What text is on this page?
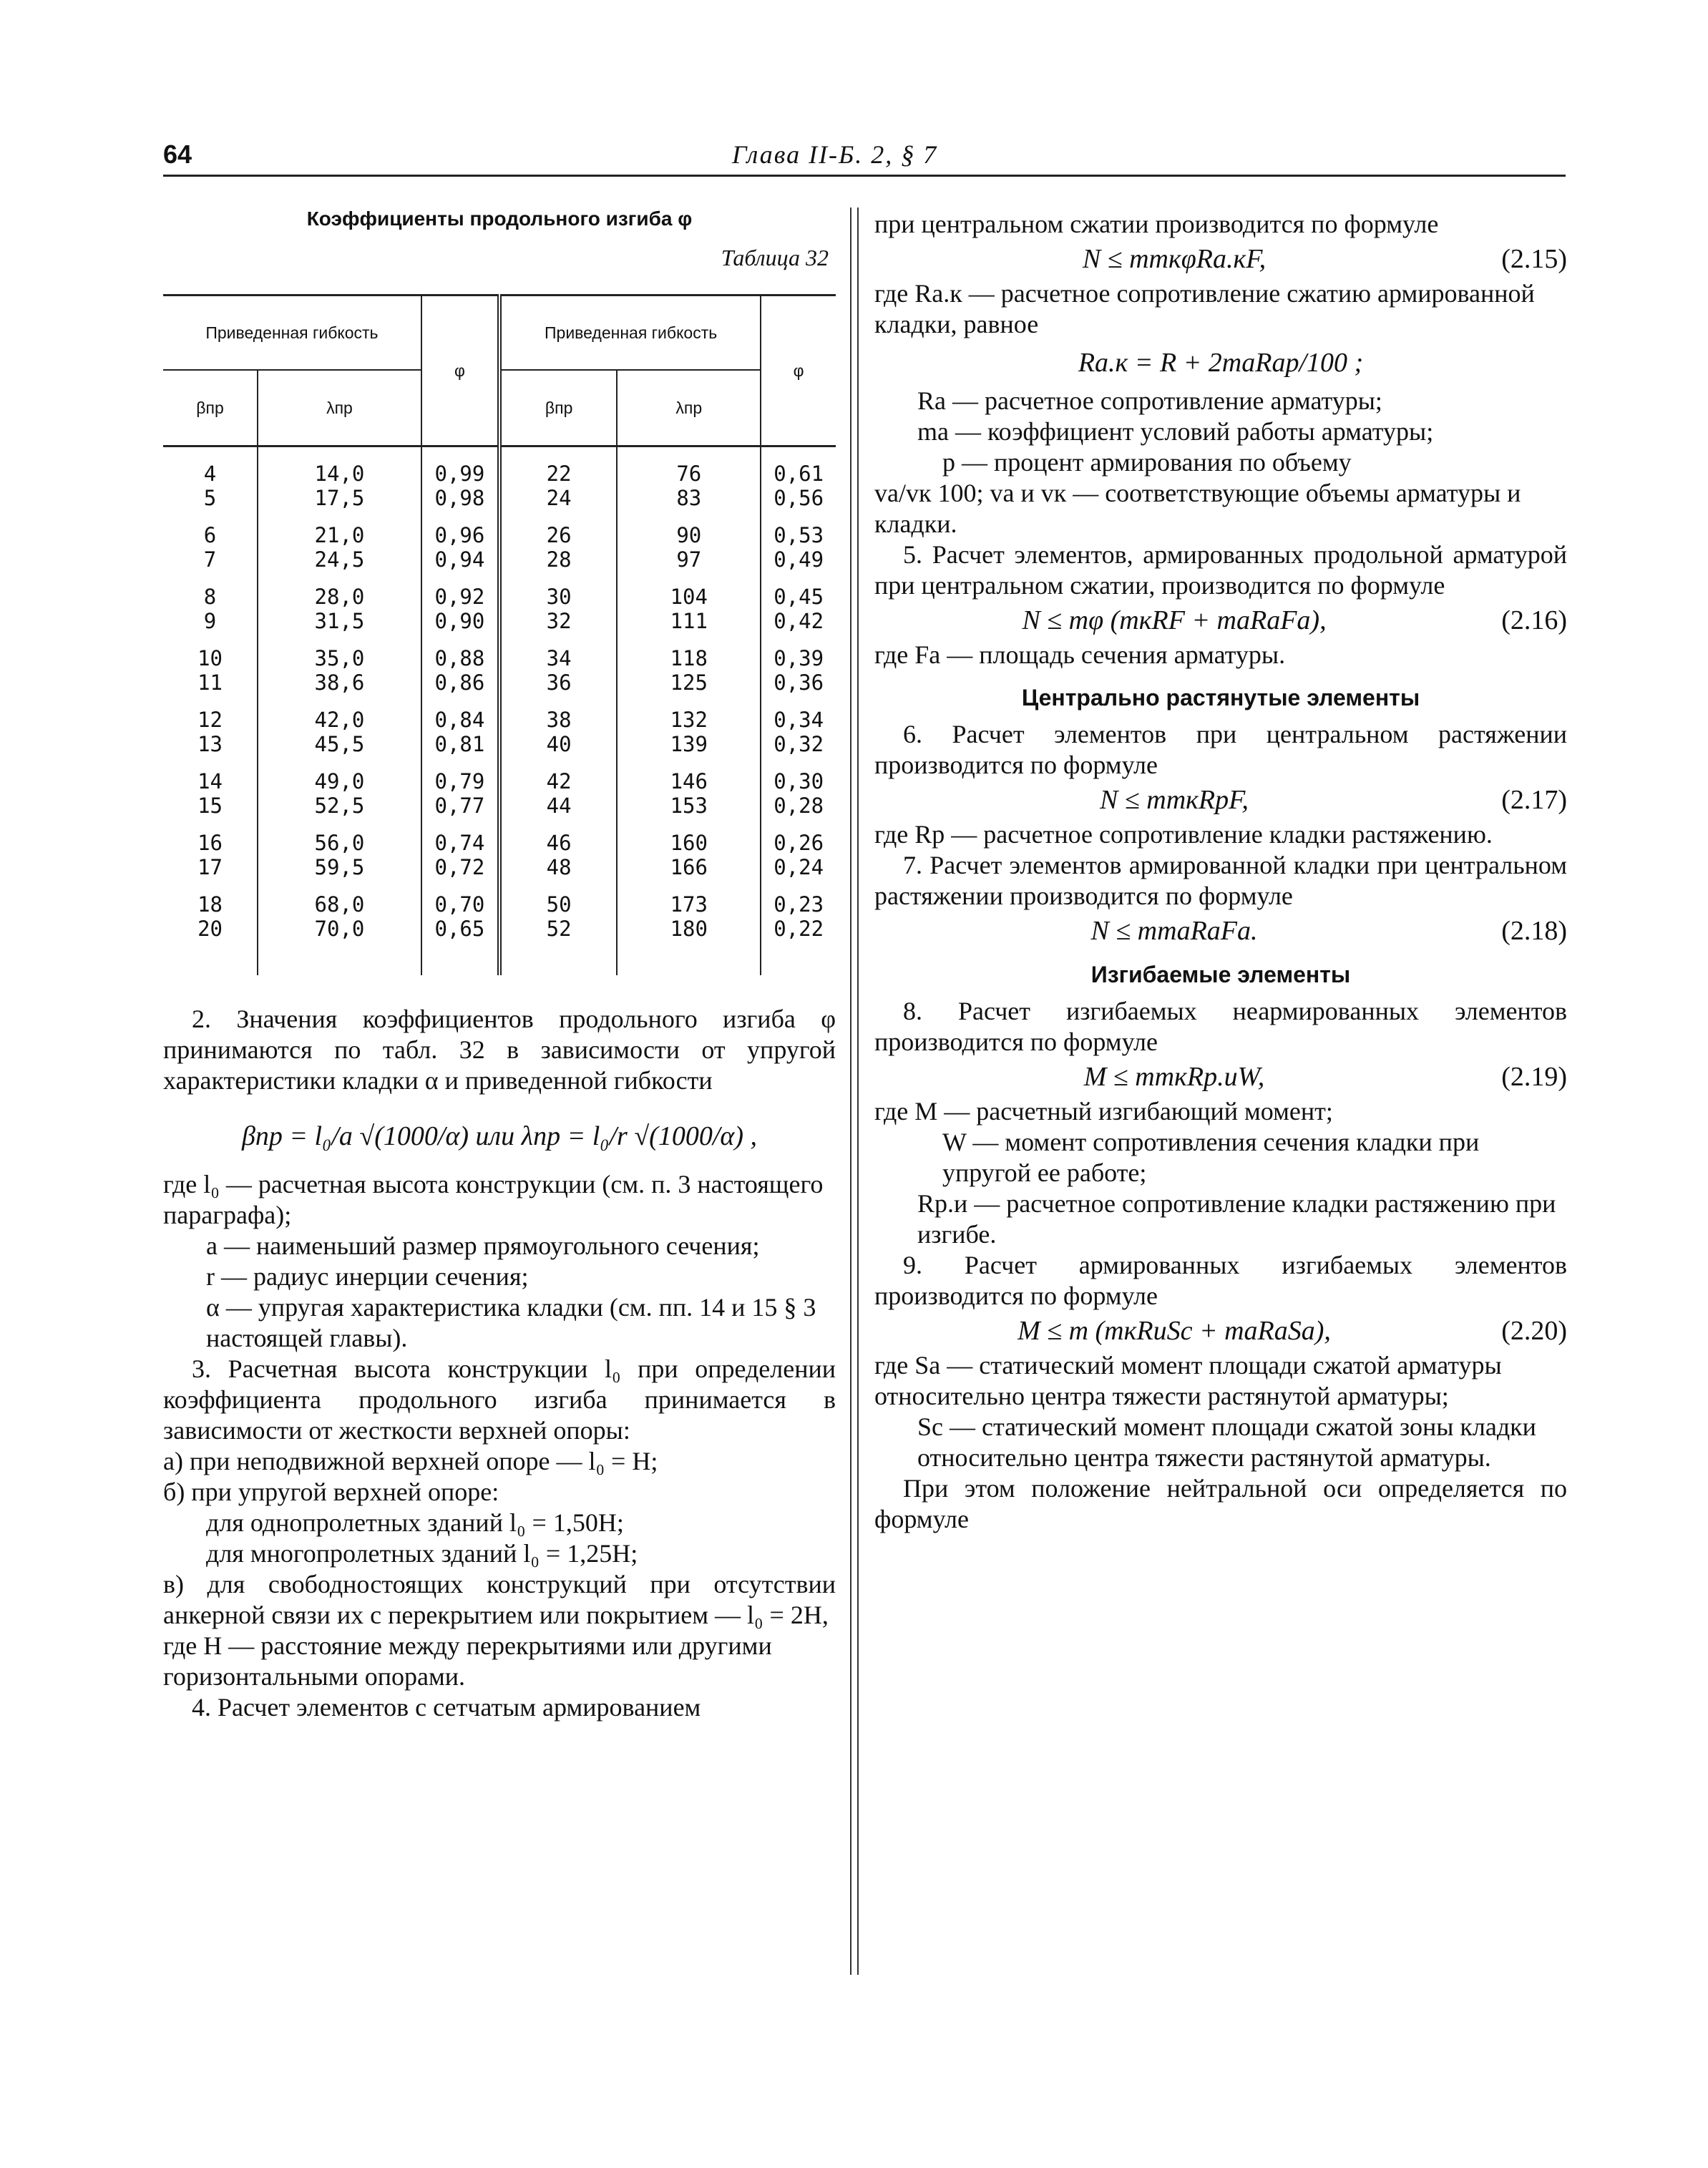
64	Глава II-Б. 2, § 7
Коэффициенты продольного изгиба φ
Таблица 32
Приведенная гибкость		φ	Приведенная гибкость		φ
βпр	λпр		βпр	λпр	

4	14,0	0,99	22	76	0,61
5	17,5	0,98	24	83	0,56

6	21,0	0,96	26	90	0,53
7	24,5	0,94	28	97	0,49

8	28,0	0,92	30	104	0,45
9	31,5	0,90	32	111	0,42

10	35,0	0,88	34	118	0,39
11	38,6	0,86	36	125	0,36

12	42,0	0,84	38	132	0,34
13	45,5	0,81	40	139	0,32

14	49,0	0,79	42	146	0,30
15	52,5	0,77	44	153	0,28

16	56,0	0,74	46	160	0,26
17	59,5	0,72	48	166	0,24

18	68,0	0,70	50	173	0,23
20	70,0	0,65	52	180	0,22

2. Значения коэффициентов продольного изгиба φ принимаются по табл. 32 в зависимости от упругой характеристики кладки α и приведенной гибкости

βпр = l₀/a √(1000/α) или λпр = l₀/r √(1000/α) ,

где l₀ — расчетная высота конструкции (см. п. 3 настоящего параграфа);

a — наименьший размер прямоугольного сечения;

r — радиус инерции сечения;

α — упругая характеристика кладки (см. пп. 14 и 15 § 3 настоящей главы).

3. Расчетная высота конструкции l₀ при определении коэффициента продольного изгиба принимается в зависимости от жесткости верхней опоры:

а) при неподвижной верхней опоре — l₀ = H;

б) при упругой верхней опоре:

для однопролетных зданий l₀ = 1,50H;

для многопролетных зданий l₀ = 1,25H;

в) для свободностоящих конструкций при отсутствии анкерной связи их с перекрытием или покрытием — l₀ = 2H,

где H — расстояние между перекрытиями или другими горизонтальными опорами.

4. Расчет элементов с сетчатым армированием

при центральном сжатии производится по формуле

N ≤ mmкφRа.кF,	(2.15)

где Rа.к — расчетное сопротивление сжатию армированной кладки, равное

Rа.к = R + 2mаRаp/100 ;

Rа — расчетное сопротивление арматуры;

mа — коэффициент условий работы арматуры;

p — процент армирования по объему

vа/vк 100; vа и vк — соответствующие объемы арматуры и кладки.

5. Расчет элементов, армированных продольной арматурой при центральном сжатии, производится по формуле

N ≤ mφ (mкRF + mаRаFа),	(2.16)

где Fа — площадь сечения арматуры.

Центрально растянутые элементы

6. Расчет элементов при центральном растяжении производится по формуле

N ≤ mmкRрF,	(2.17)

где Rр — расчетное сопротивление кладки растяжению.

7. Расчет элементов армированной кладки при центральном растяжении производится по формуле

N ≤ mmаRаFа.	(2.18)
Изгибаемые элементы

8. Расчет изгибаемых неармированных элементов производится по формуле

M ≤ mmкRр.иW,	(2.19)

где M — расчетный изгибающий момент;

W — момент сопротивления сечения кладки при упругой ее работе;

Rр.и — расчетное сопротивление кладки растяжению при изгибе.

9. Расчет армированных изгибаемых элементов производится по формуле

M ≤ m (mкRиSс + mаRаSа),	(2.20)

где Sа — статический момент площади сжатой арматуры относительно центра тяжести растянутой арматуры;

Sс — статический момент площади сжатой зоны кладки относительно центра тяжести растянутой арматуры.

При этом положение нейтральной оси определяется по формуле
